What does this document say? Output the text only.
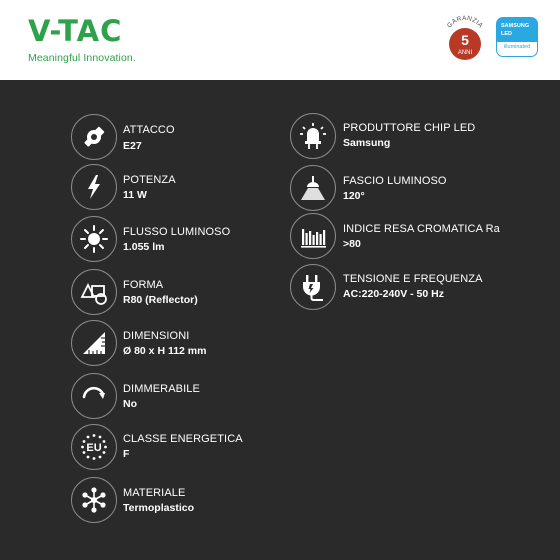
V-TAC
Meaningful Innovation.
GARANZIA
5
ANNI
SAMSUNG
LED
illuminated
ATTACCO
E27
POTENZA
11 W
FLUSSO LUMINOSO
1.055 lm
FORMA
R80 (Reflector)
DIMENSIONI
Ø 80 x H 112 mm
DIMMERABILE
No
EU
CLASSE ENERGETICA
F
MATERIALE
Termoplastico
PRODUTTORE CHIP LED
Samsung
FASCIO LUMINOSO
120°
INDICE RESA CROMATICA Ra
>80
TENSIONE E FREQUENZA
AC:220-240V - 50 Hz
